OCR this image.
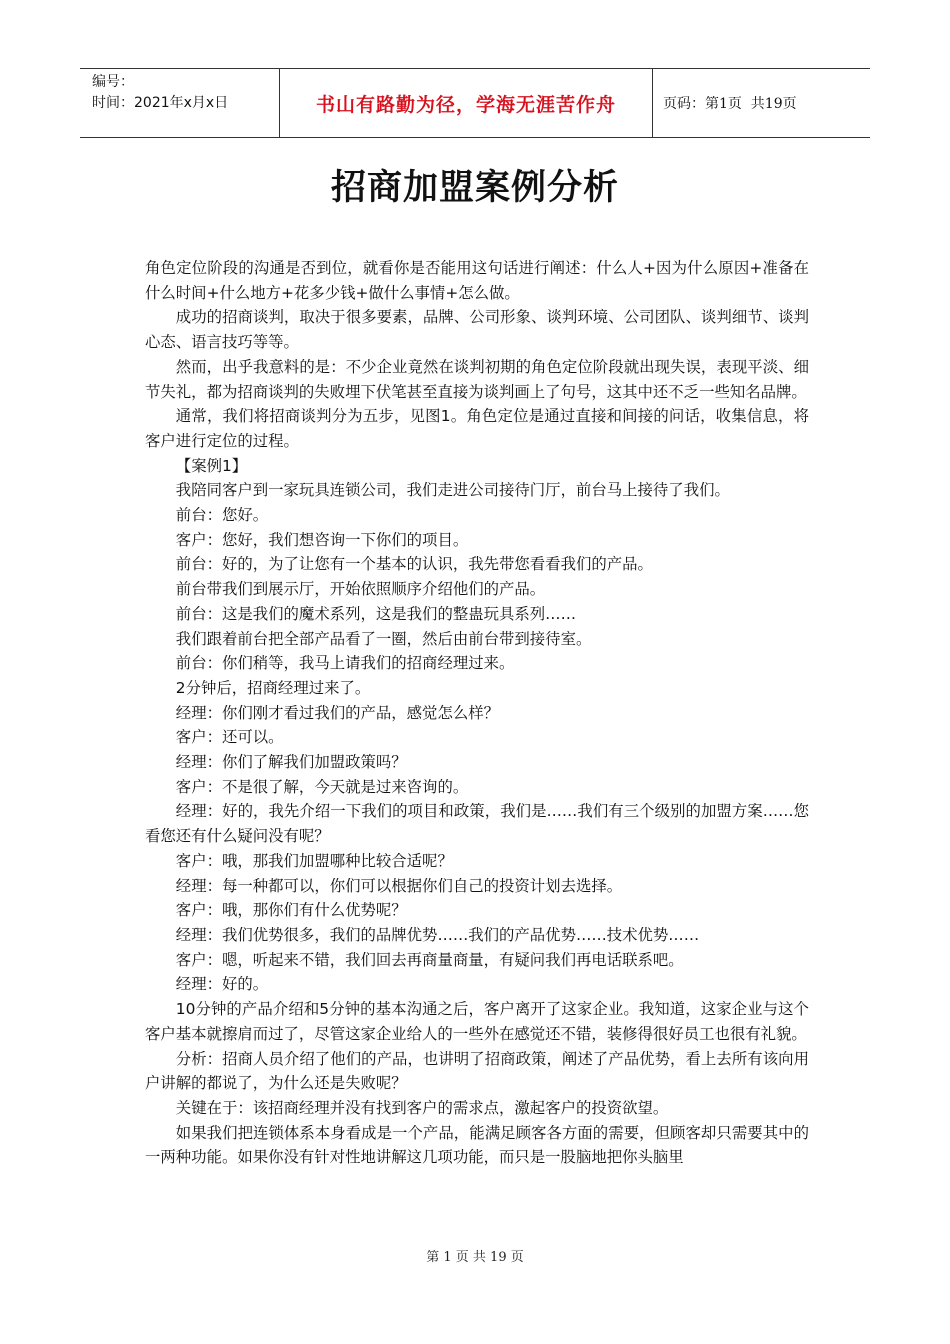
编号：
时间：2021年x月x日	书山有路勤为径，学海无涯苦作舟	页码：第1页  共19页
招商加盟案例分析

角色定位阶段的沟通是否到位，就看你是否能用这句话进行阐述：什么人+因为什么原因+准备在什么时间+什么地方+花多少钱+做什么事情+怎么做。

成功的招商谈判，取决于很多要素，品牌、公司形象、谈判环境、公司团队、谈判细节、谈判心态、语言技巧等等。

然而，出乎我意料的是：不少企业竟然在谈判初期的角色定位阶段就出现失误，表现平淡、细节失礼，都为招商谈判的失败埋下伏笔甚至直接为谈判画上了句号，这其中还不乏一些知名品牌。

通常，我们将招商谈判分为五步，见图1。角色定位是通过直接和间接的问话，收集信息，将客户进行定位的过程。

【案例1】

我陪同客户到一家玩具连锁公司，我们走进公司接待门厅，前台马上接待了我们。

前台：您好。

客户：您好，我们想咨询一下你们的项目。

前台：好的，为了让您有一个基本的认识，我先带您看看我们的产品。

前台带我们到展示厅，开始依照顺序介绍他们的产品。

前台：这是我们的魔术系列，这是我们的整蛊玩具系列……

我们跟着前台把全部产品看了一圈，然后由前台带到接待室。

前台：你们稍等，我马上请我们的招商经理过来。

2分钟后，招商经理过来了。

经理：你们刚才看过我们的产品，感觉怎么样？

客户：还可以。

经理：你们了解我们加盟政策吗？

客户：不是很了解，今天就是过来咨询的。

经理：好的，我先介绍一下我们的项目和政策，我们是……我们有三个级别的加盟方案……您看您还有什么疑问没有呢？

客户：哦，那我们加盟哪种比较合适呢？

经理：每一种都可以，你们可以根据你们自己的投资计划去选择。

客户：哦，那你们有什么优势呢？

经理：我们优势很多，我们的品牌优势……我们的产品优势……技术优势……

客户：嗯，听起来不错，我们回去再商量商量，有疑问我们再电话联系吧。

经理：好的。

10分钟的产品介绍和5分钟的基本沟通之后，客户离开了这家企业。我知道，这家企业与这个客户基本就擦肩而过了，尽管这家企业给人的一些外在感觉还不错，装修得很好员工也很有礼貌。

分析：招商人员介绍了他们的产品，也讲明了招商政策，阐述了产品优势，看上去所有该向用户讲解的都说了，为什么还是失败呢？

关键在于：该招商经理并没有找到客户的需求点，激起客户的投资欲望。

如果我们把连锁体系本身看成是一个产品，能满足顾客各方面的需要，但顾客却只需要其中的一两种功能。如果你没有针对性地讲解这几项功能，而只是一股脑地把你头脑里

第 1 页 共 19 页
